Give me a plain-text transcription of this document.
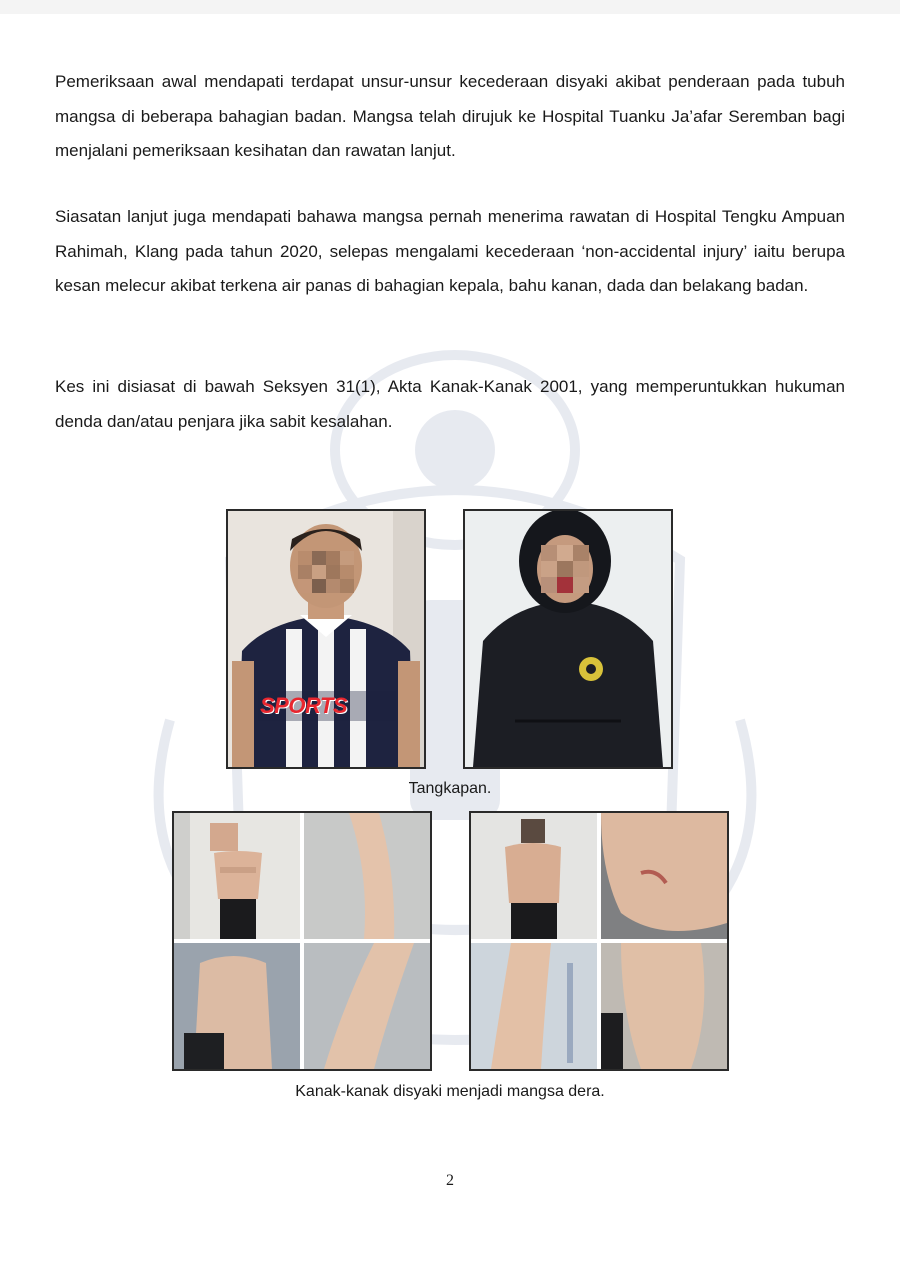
Pemeriksaan awal mendapati terdapat unsur-unsur kecederaan disyaki akibat penderaan pada tubuh mangsa di beberapa bahagian badan. Mangsa telah dirujuk ke Hospital Tuanku Ja’afar Seremban bagi menjalani pemeriksaan kesihatan dan rawatan lanjut.
Siasatan lanjut juga mendapati bahawa mangsa pernah menerima rawatan di Hospital Tengku Ampuan Rahimah, Klang pada tahun 2020, selepas mengalami kecederaan ‘non-accidental injury’ iaitu berupa kesan melecur akibat terkena air panas di bahagian kepala, bahu kanan, dada dan belakang badan.
Kes ini disiasat di bawah Seksyen 31(1), Akta Kanak-Kanak 2001, yang memperuntukkan hukuman denda dan/atau penjara jika sabit kesalahan.
SPORTS
Tangkapan.
Kanak-kanak disyaki menjadi mangsa dera.
2
